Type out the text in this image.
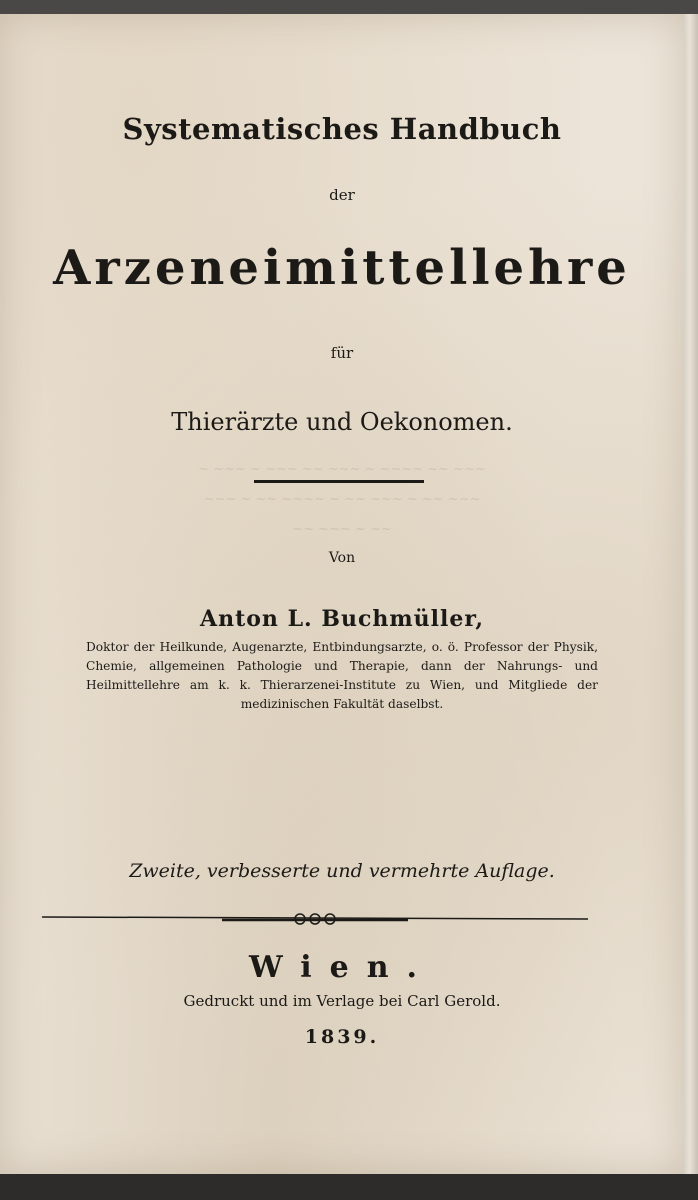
~ ~~~ ~ ~~~ ~~ ~~~ ~ ~~~~ ~~ ~~~
~~~ ~ ~~ ~~~~ ~ ~~ ~~~ ~ ~~ ~~~
~~ ~~~ ~ ~~
Systematisches Handbuch
der
Arzeneimittellehre
für
Thierärzte und Oekonomen.
Von
Anton L. Buchmüller,
Doktor der Heilkunde, Augenarzte, Entbindungsarzte, o. ö. Professor der Physik, Chemie, allgemeinen Pathologie und Therapie, dann der Nahrungs- und Heilmittellehre am k. k. Thierarzenei-Institute zu Wien, und Mitgliede der medizinischen Fakultät daselbst.
Zweite, verbesserte und vermehrte Auflage.
Wien.
Gedruckt und im Verlage bei Carl Gerold.
1839.
